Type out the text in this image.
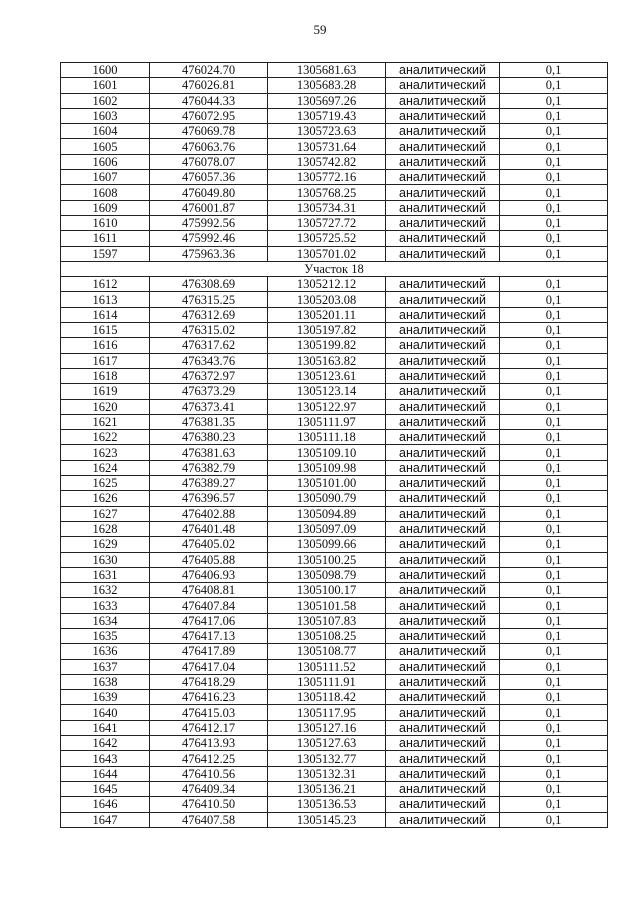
59
1600	476024.70	1305681.63	аналитический	0,1
1601	476026.81	1305683.28	аналитический	0,1
1602	476044.33	1305697.26	аналитический	0,1
1603	476072.95	1305719.43	аналитический	0,1
1604	476069.78	1305723.63	аналитический	0,1
1605	476063.76	1305731.64	аналитический	0,1
1606	476078.07	1305742.82	аналитический	0,1
1607	476057.36	1305772.16	аналитический	0,1
1608	476049.80	1305768.25	аналитический	0,1
1609	476001.87	1305734.31	аналитический	0,1
1610	475992.56	1305727.72	аналитический	0,1
1611	475992.46	1305725.52	аналитический	0,1
1597	475963.36	1305701.02	аналитический	0,1
Участок 18				
1612	476308.69	1305212.12	аналитический	0,1
1613	476315.25	1305203.08	аналитический	0,1
1614	476312.69	1305201.11	аналитический	0,1
1615	476315.02	1305197.82	аналитический	0,1
1616	476317.62	1305199.82	аналитический	0,1
1617	476343.76	1305163.82	аналитический	0,1
1618	476372.97	1305123.61	аналитический	0,1
1619	476373.29	1305123.14	аналитический	0,1
1620	476373.41	1305122.97	аналитический	0,1
1621	476381.35	1305111.97	аналитический	0,1
1622	476380.23	1305111.18	аналитический	0,1
1623	476381.63	1305109.10	аналитический	0,1
1624	476382.79	1305109.98	аналитический	0,1
1625	476389.27	1305101.00	аналитический	0,1
1626	476396.57	1305090.79	аналитический	0,1
1627	476402.88	1305094.89	аналитический	0,1
1628	476401.48	1305097.09	аналитический	0,1
1629	476405.02	1305099.66	аналитический	0,1
1630	476405.88	1305100.25	аналитический	0,1
1631	476406.93	1305098.79	аналитический	0,1
1632	476408.81	1305100.17	аналитический	0,1
1633	476407.84	1305101.58	аналитический	0,1
1634	476417.06	1305107.83	аналитический	0,1
1635	476417.13	1305108.25	аналитический	0,1
1636	476417.89	1305108.77	аналитический	0,1
1637	476417.04	1305111.52	аналитический	0,1
1638	476418.29	1305111.91	аналитический	0,1
1639	476416.23	1305118.42	аналитический	0,1
1640	476415.03	1305117.95	аналитический	0,1
1641	476412.17	1305127.16	аналитический	0,1
1642	476413.93	1305127.63	аналитический	0,1
1643	476412.25	1305132.77	аналитический	0,1
1644	476410.56	1305132.31	аналитический	0,1
1645	476409.34	1305136.21	аналитический	0,1
1646	476410.50	1305136.53	аналитический	0,1
1647	476407.58	1305145.23	аналитический	0,1
